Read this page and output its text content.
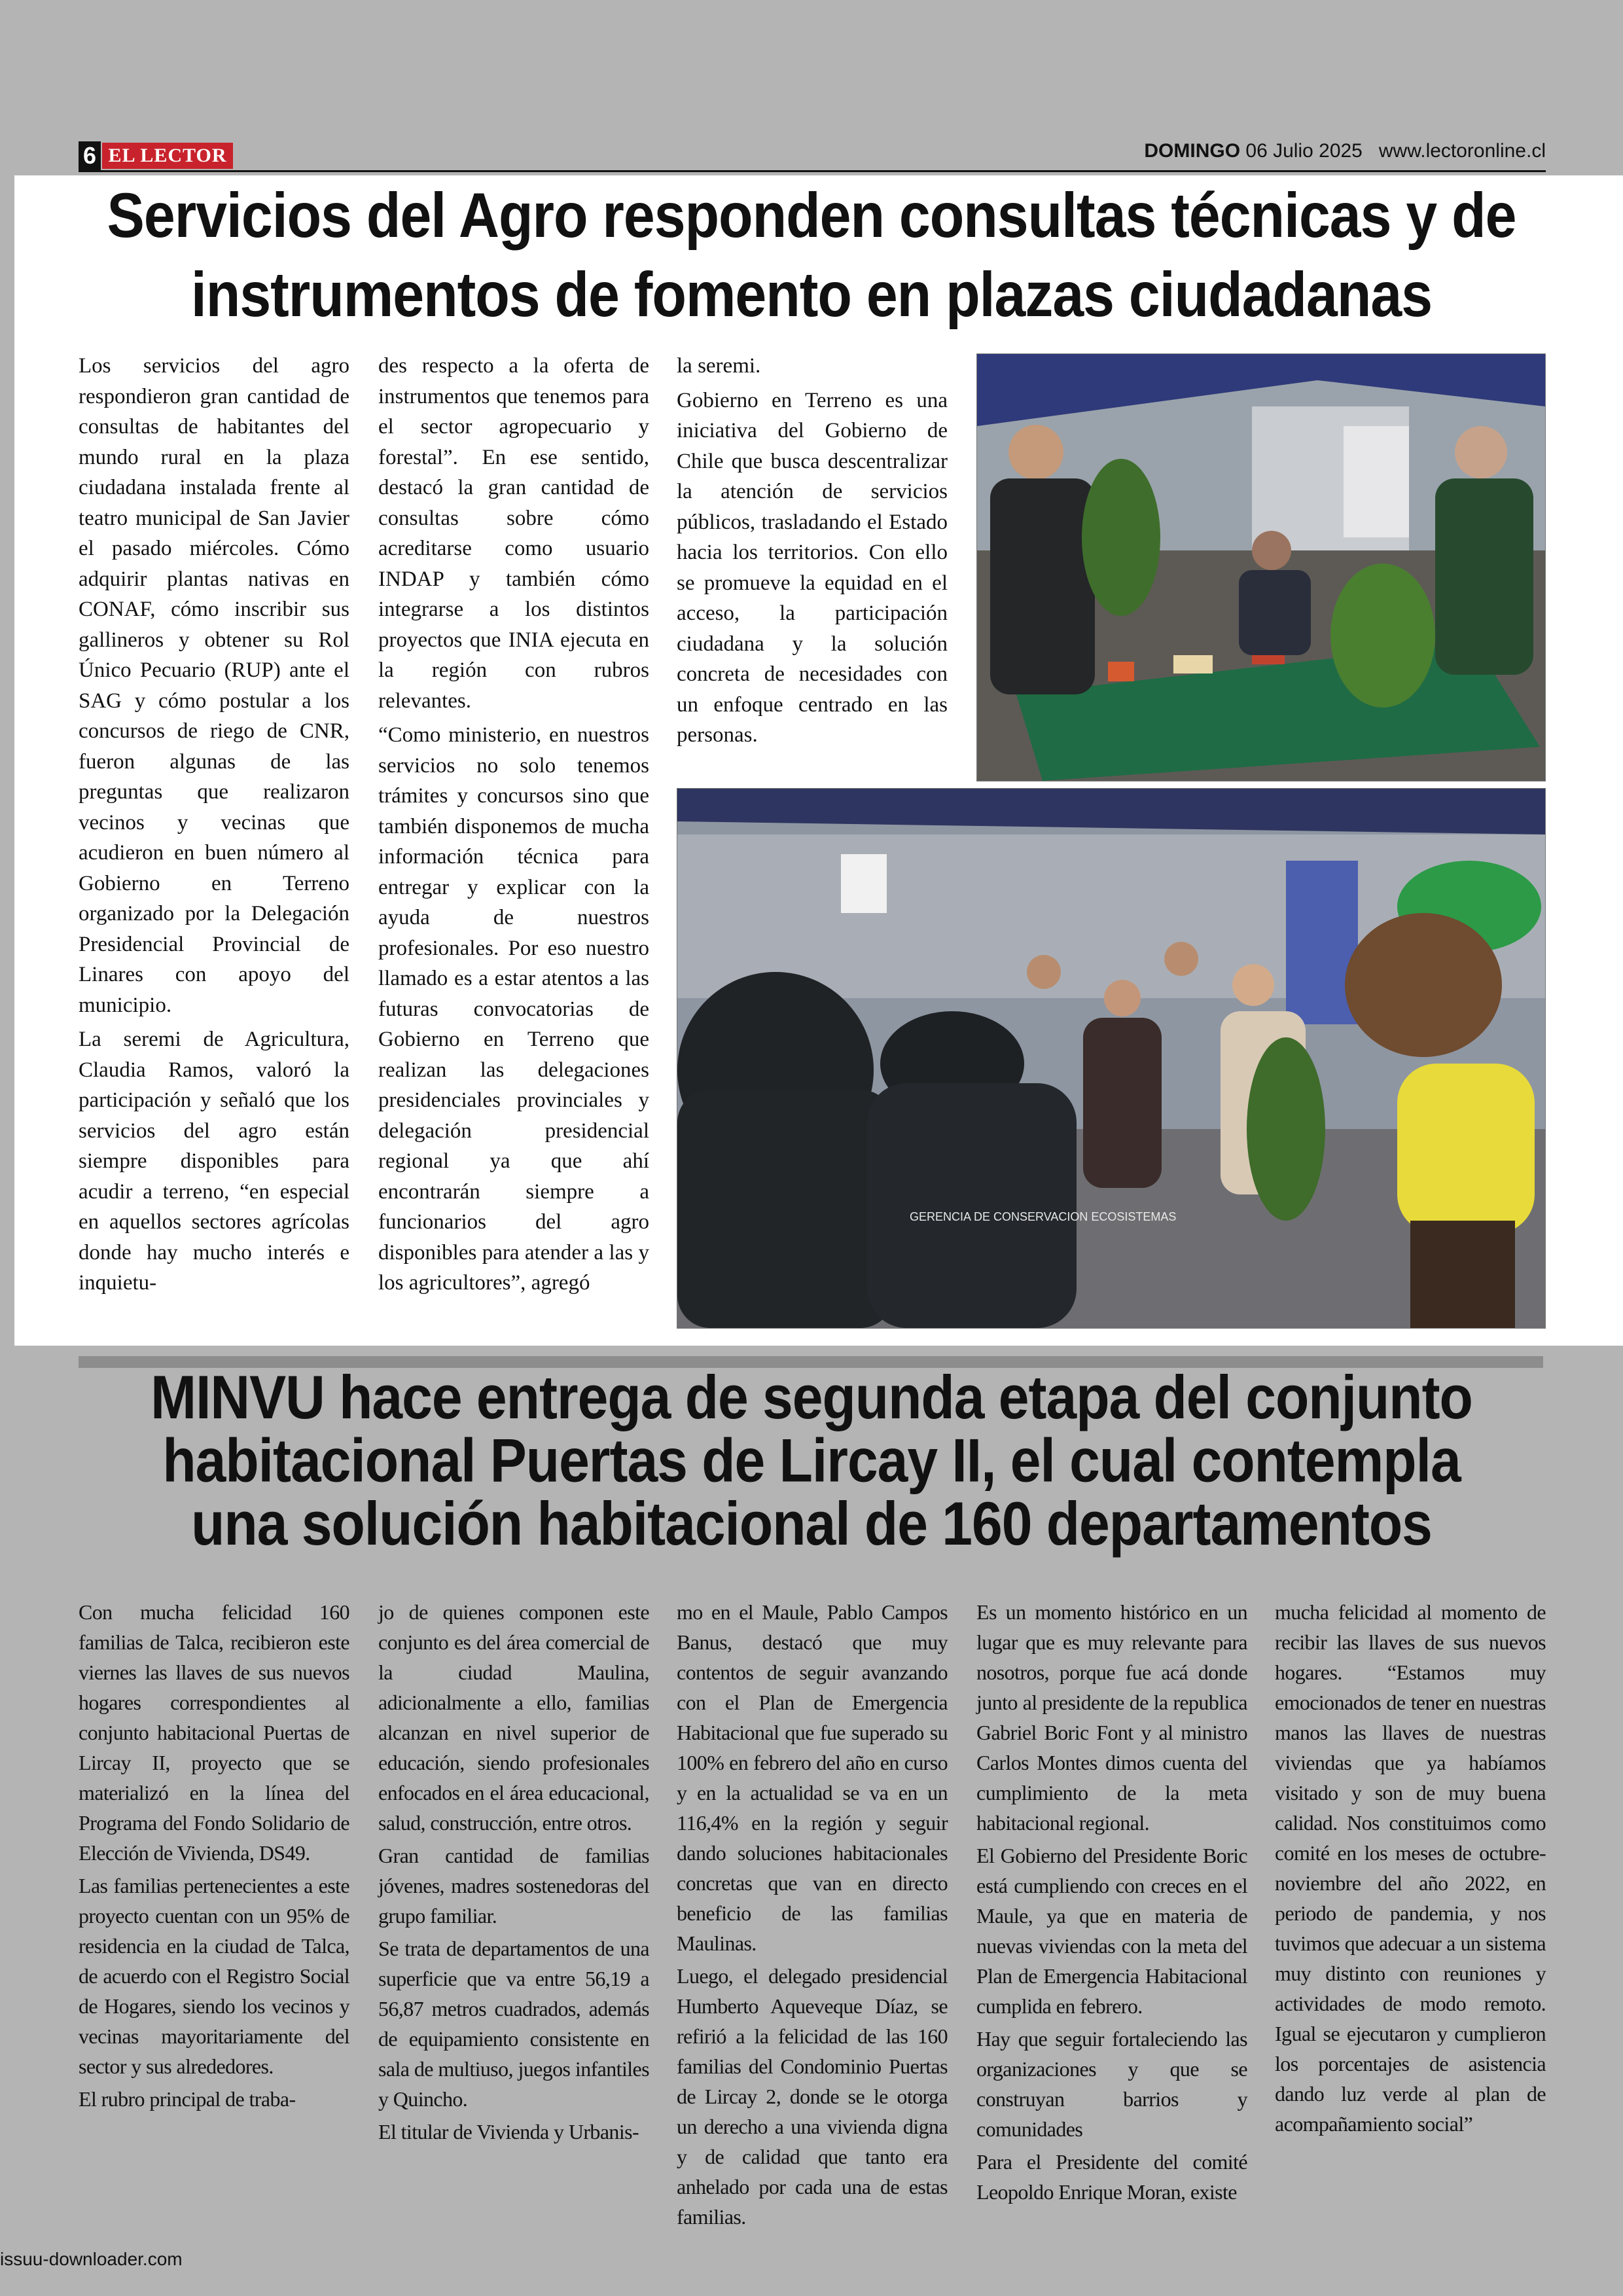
6 EL LECTOR	DOMINGO 06 Julio 2025 www.lectoronline.cl
Servicios del Agro responden consultas técnicas y de
instrumentos de fomento en plazas ciudadanas

Los servicios del agro respondieron gran cantidad de consultas de habitantes del mundo rural en la plaza ciudadana instalada frente al teatro municipal de San Javier el pasado miércoles. Cómo adquirir plantas nativas en CONAF, cómo inscribir sus gallineros y obtener su Rol Único Pecuario (RUP) ante el SAG y cómo postular a los concursos de riego de CNR, fueron algunas de las preguntas que realizaron vecinos y vecinas que acudieron en buen número al Gobierno en Terreno organizado por la Delegación Presidencial Provincial de Linares con apoyo del municipio.

La seremi de Agricultura, Claudia Ramos, valoró la participación y señaló que los servicios del agro están siempre disponibles para acudir a terreno, “en especial en aquellos sectores agrícolas donde hay mucho interés e inquietu-

des respecto a la oferta de instrumentos que tenemos para el sector agropecuario y forestal”. En ese sentido, destacó la gran cantidad de consultas sobre cómo acreditarse como usuario INDAP y también cómo integrarse a los distintos proyectos que INIA ejecuta en la región con rubros relevantes.

“Como ministerio, en nuestros servicios no solo tenemos trámites y concursos sino que también disponemos de mucha información técnica para entregar y explicar con la ayuda de nuestros profesionales. Por eso nuestro llamado es a estar atentos a las futuras convocatorias de Gobierno en Terreno que realizan las delegaciones presidenciales provinciales y delegación presidencial regional ya que ahí encontrarán siempre a funcionarios del agro disponibles para atender a las y los agricultores”, agregó

la seremi.

Gobierno en Terreno es una iniciativa del Gobierno de Chile que busca descentralizar la atención de servicios públicos, trasladando el Estado hacia los territorios. Con ello se promueve la equidad en el acceso, la participación ciudadana y la solución concreta de necesidades con un enfoque centrado en las personas.

GERENCIA DE CONSERVACION ECOSISTEMAS
MINVU hace entrega de segunda etapa del conjunto
habitacional Puertas de Lircay II, el cual contempla
una solución habitacional de 160 departamentos

Con mucha felicidad 160 familias de Talca, recibieron este viernes las llaves de sus nuevos hogares correspondientes al conjunto habitacional Puertas de Lircay II, proyecto que se materializó en la línea del Programa del Fondo Solidario de Elección de Vivienda, DS49.

Las familias pertenecientes a este proyecto cuentan con un 95% de residencia en la ciudad de Talca, de acuerdo con el Registro Social de Hogares, siendo los vecinos y vecinas mayoritariamente del sector y sus alrededores.

El rubro principal de traba-

jo de quienes componen este conjunto es del área comercial de la ciudad Maulina, adicionalmente a ello, familias alcanzan en nivel superior de educación, siendo profesionales enfocados en el área educacional, salud, construcción, entre otros.

Gran cantidad de familias jóvenes, madres sostenedoras del grupo familiar.

Se trata de departamentos de una superficie que va entre 56,19 a 56,87 metros cuadrados, además de equipamiento consistente en sala de multiuso, juegos infantiles y Quincho.

El titular de Vivienda y Urbanis-

mo en el Maule, Pablo Campos Banus, destacó que muy contentos de seguir avanzando con el Plan de Emergencia Habitacional que fue superado su 100% en febrero del año en curso y en la actualidad se va en un 116,4% en la región y seguir dando soluciones habitacionales concretas que van en directo beneficio de las familias Maulinas.

Luego, el delegado presidencial Humberto Aqueveque Díaz, se refirió a la felicidad de las 160 familias del Condominio Puertas de Lircay 2, donde se le otorga un derecho a una vivienda digna y de calidad que tanto era anhelado por cada una de estas familias.

Es un momento histórico en un lugar que es muy relevante para nosotros, porque fue acá donde junto al presidente de la republica Gabriel Boric Font y al ministro Carlos Montes dimos cuenta del cumplimiento de la meta habitacional regional.

El Gobierno del Presidente Boric está cumpliendo con creces en el Maule, ya que en materia de nuevas viviendas con la meta del Plan de Emergencia Habitacional cumplida en febrero.

Hay que seguir fortaleciendo las organizaciones y que se construyan barrios y comunidades

Para el Presidente del comité Leopoldo Enrique Moran, existe

mucha felicidad al momento de recibir las llaves de sus nuevos hogares. “Estamos muy emocionados de tener en nuestras manos las llaves de nuestras viviendas que ya habíamos visitado y son de muy buena calidad. Nos constituimos como comité en los meses de octubre-noviembre del año 2022, en periodo de pandemia, y nos tuvimos que adecuar a un sistema muy distinto con reuniones y actividades de modo remoto. Igual se ejecutaron y cumplieron los porcentajes de asistencia dando luz verde al plan de acompañamiento social”

issuu-downloader.com
